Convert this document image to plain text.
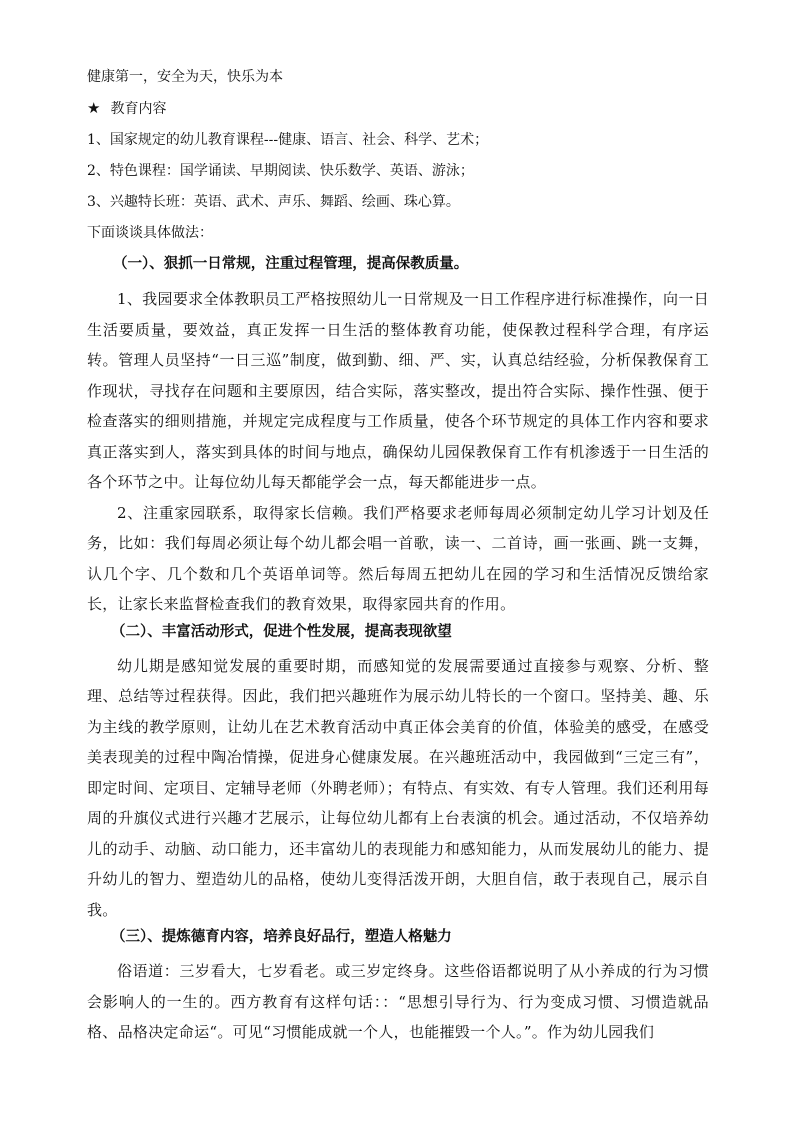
健康第一，安全为天，快乐为本

★ 教育内容

1、国家规定的幼儿教育课程---健康、语言、社会、科学、艺术；

2、特色课程：国学诵读、早期阅读、快乐数学、英语、游泳；

3、兴趣特长班：英语、武术、声乐、舞蹈、绘画、珠心算。

下面谈谈具体做法：

（一）、狠抓一日常规，注重过程管理，提高保教质量。

1、我园要求全体教职员工严格按照幼儿一日常规及一日工作程序进行标准操作，向一日生活要质量，要效益，真正发挥一日生活的整体教育功能，使保教过程科学合理，有序运转。管理人员坚持“一日三巡”制度，做到勤、细、严、实，认真总结经验，分析保教保育工作现状，寻找存在问题和主要原因，结合实际，落实整改，提出符合实际、操作性强、便于检查落实的细则措施，并规定完成程度与工作质量，使各个环节规定的具体工作内容和要求真正落实到人，落实到具体的时间与地点，确保幼儿园保教保育工作有机渗透于一日生活的各个环节之中。让每位幼儿每天都能学会一点，每天都能进步一点。

2、注重家园联系，取得家长信赖。我们严格要求老师每周必须制定幼儿学习计划及任务，比如：我们每周必须让每个幼儿都会唱一首歌，读一、二首诗，画一张画、跳一支舞，认几个字、几个数和几个英语单词等。然后每周五把幼儿在园的学习和生活情况反馈给家长，让家长来监督检查我们的教育效果，取得家园共育的作用。

（二）、丰富活动形式，促进个性发展，提高表现欲望

幼儿期是感知觉发展的重要时期，而感知觉的发展需要通过直接参与观察、分析、整理、总结等过程获得。因此，我们把兴趣班作为展示幼儿特长的一个窗口。坚持美、趣、乐为主线的教学原则，让幼儿在艺术教育活动中真正体会美育的价值，体验美的感受，在感受美表现美的过程中陶冶情操，促进身心健康发展。在兴趣班活动中，我园做到“三定三有”，即定时间、定项目、定辅导老师（外聘老师）；有特点、有实效、有专人管理。我们还利用每周的升旗仪式进行兴趣才艺展示，让每位幼儿都有上台表演的机会。通过活动，不仅培养幼儿的动手、动脑、动口能力，还丰富幼儿的表现能力和感知能力，从而发展幼儿的能力、提升幼儿的智力、塑造幼儿的品格，使幼儿变得活泼开朗，大胆自信，敢于表现自己，展示自我。

（三）、提炼德育内容，培养良好品行，塑造人格魅力

俗语道：三岁看大，七岁看老。或三岁定终身。这些俗语都说明了从小养成的行为习惯会影响人的一生的。西方教育有这样句话：：“思想引导行为、行为变成习惯、习惯造就品格、品格决定命运“。可见“习惯能成就一个人，也能摧毁一个人。”。作为幼儿园我们
